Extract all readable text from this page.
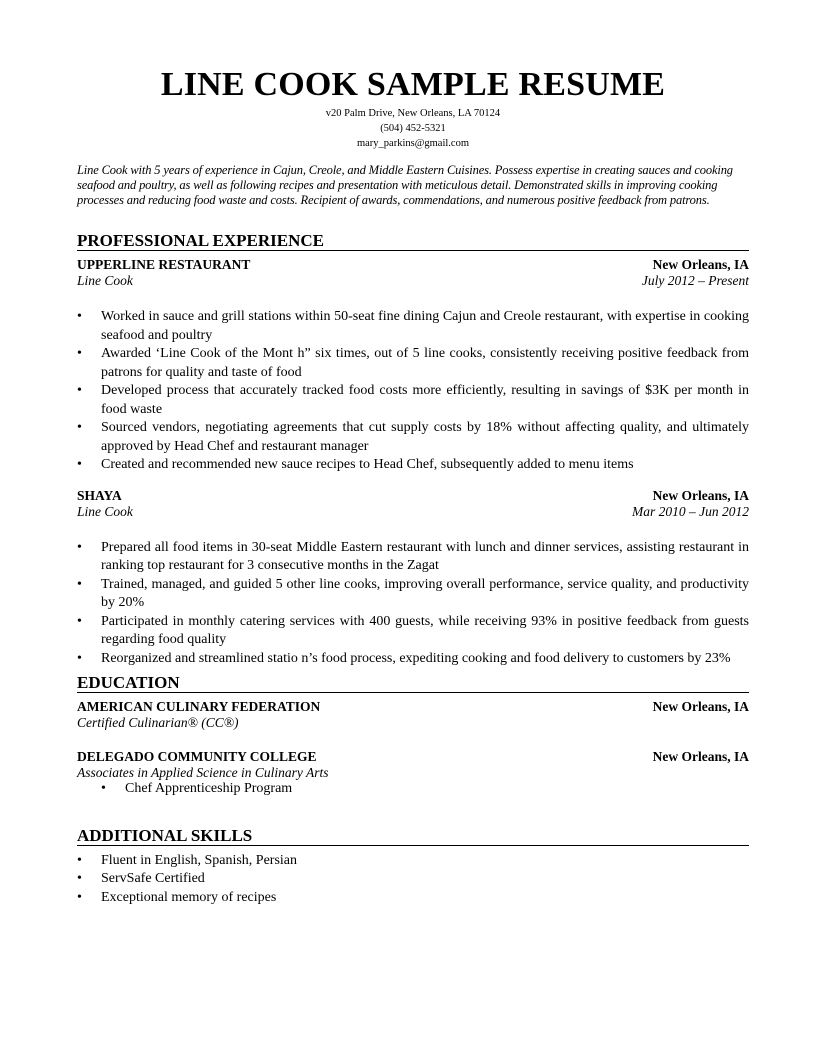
LINE COOK SAMPLE RESUME
v20 Palm Drive, New Orleans, LA 70124
(504) 452-5321
mary_parkins@gmail.com
Line Cook with 5 years of experience in Cajun, Creole, and Middle Eastern Cuisines. Possess expertise in creating sauces and cooking seafood and poultry, as well as following recipes and presentation with meticulous detail. Demonstrated skills in improving cooking processes and reducing food waste and costs. Recipient of awards, commendations, and numerous positive feedback from patrons.
PROFESSIONAL EXPERIENCE
UPPERLINE RESTAURANT	New Orleans, IA
Line Cook	July 2012 – Present
• Worked in sauce and grill stations within 50-seat fine dining Cajun and Creole restaurant, with expertise in cooking seafood and poultry
• Awarded ‘Line Cook of the Mont h” six times, out of 5 line cooks, consistently receiving positive feedback from patrons for quality and taste of food
• Developed process that accurately tracked food costs more efficiently, resulting in savings of $3K per month in food waste
• Sourced vendors, negotiating agreements that cut supply costs by 18% without affecting quality, and ultimately approved by Head Chef and restaurant manager
• Created and recommended new sauce recipes to Head Chef, subsequently added to menu items
SHAYA	New Orleans, IA
Line Cook	Mar 2010 – Jun 2012
• Prepared all food items in 30-seat Middle Eastern restaurant with lunch and dinner services, assisting restaurant in ranking top restaurant for 3 consecutive months in the Zagat
• Trained, managed, and guided 5 other line cooks, improving overall performance, service quality, and productivity by 20%
• Participated in monthly catering services with 400 guests, while receiving 93% in positive feedback from guests regarding food quality
• Reorganized and streamlined statio n’s food process, expediting cooking and food delivery to customers by 23%
EDUCATION
AMERICAN CULINARY FEDERATION	New Orleans, IA
Certified Culinarian® (CC®)
DELEGADO COMMUNITY COLLEGE	New Orleans, IA
Associates in Applied Science in Culinary Arts
• Chef Apprenticeship Program
ADDITIONAL SKILLS
• Fluent in English, Spanish, Persian
• ServSafe Certified
• Exceptional memory of recipes
